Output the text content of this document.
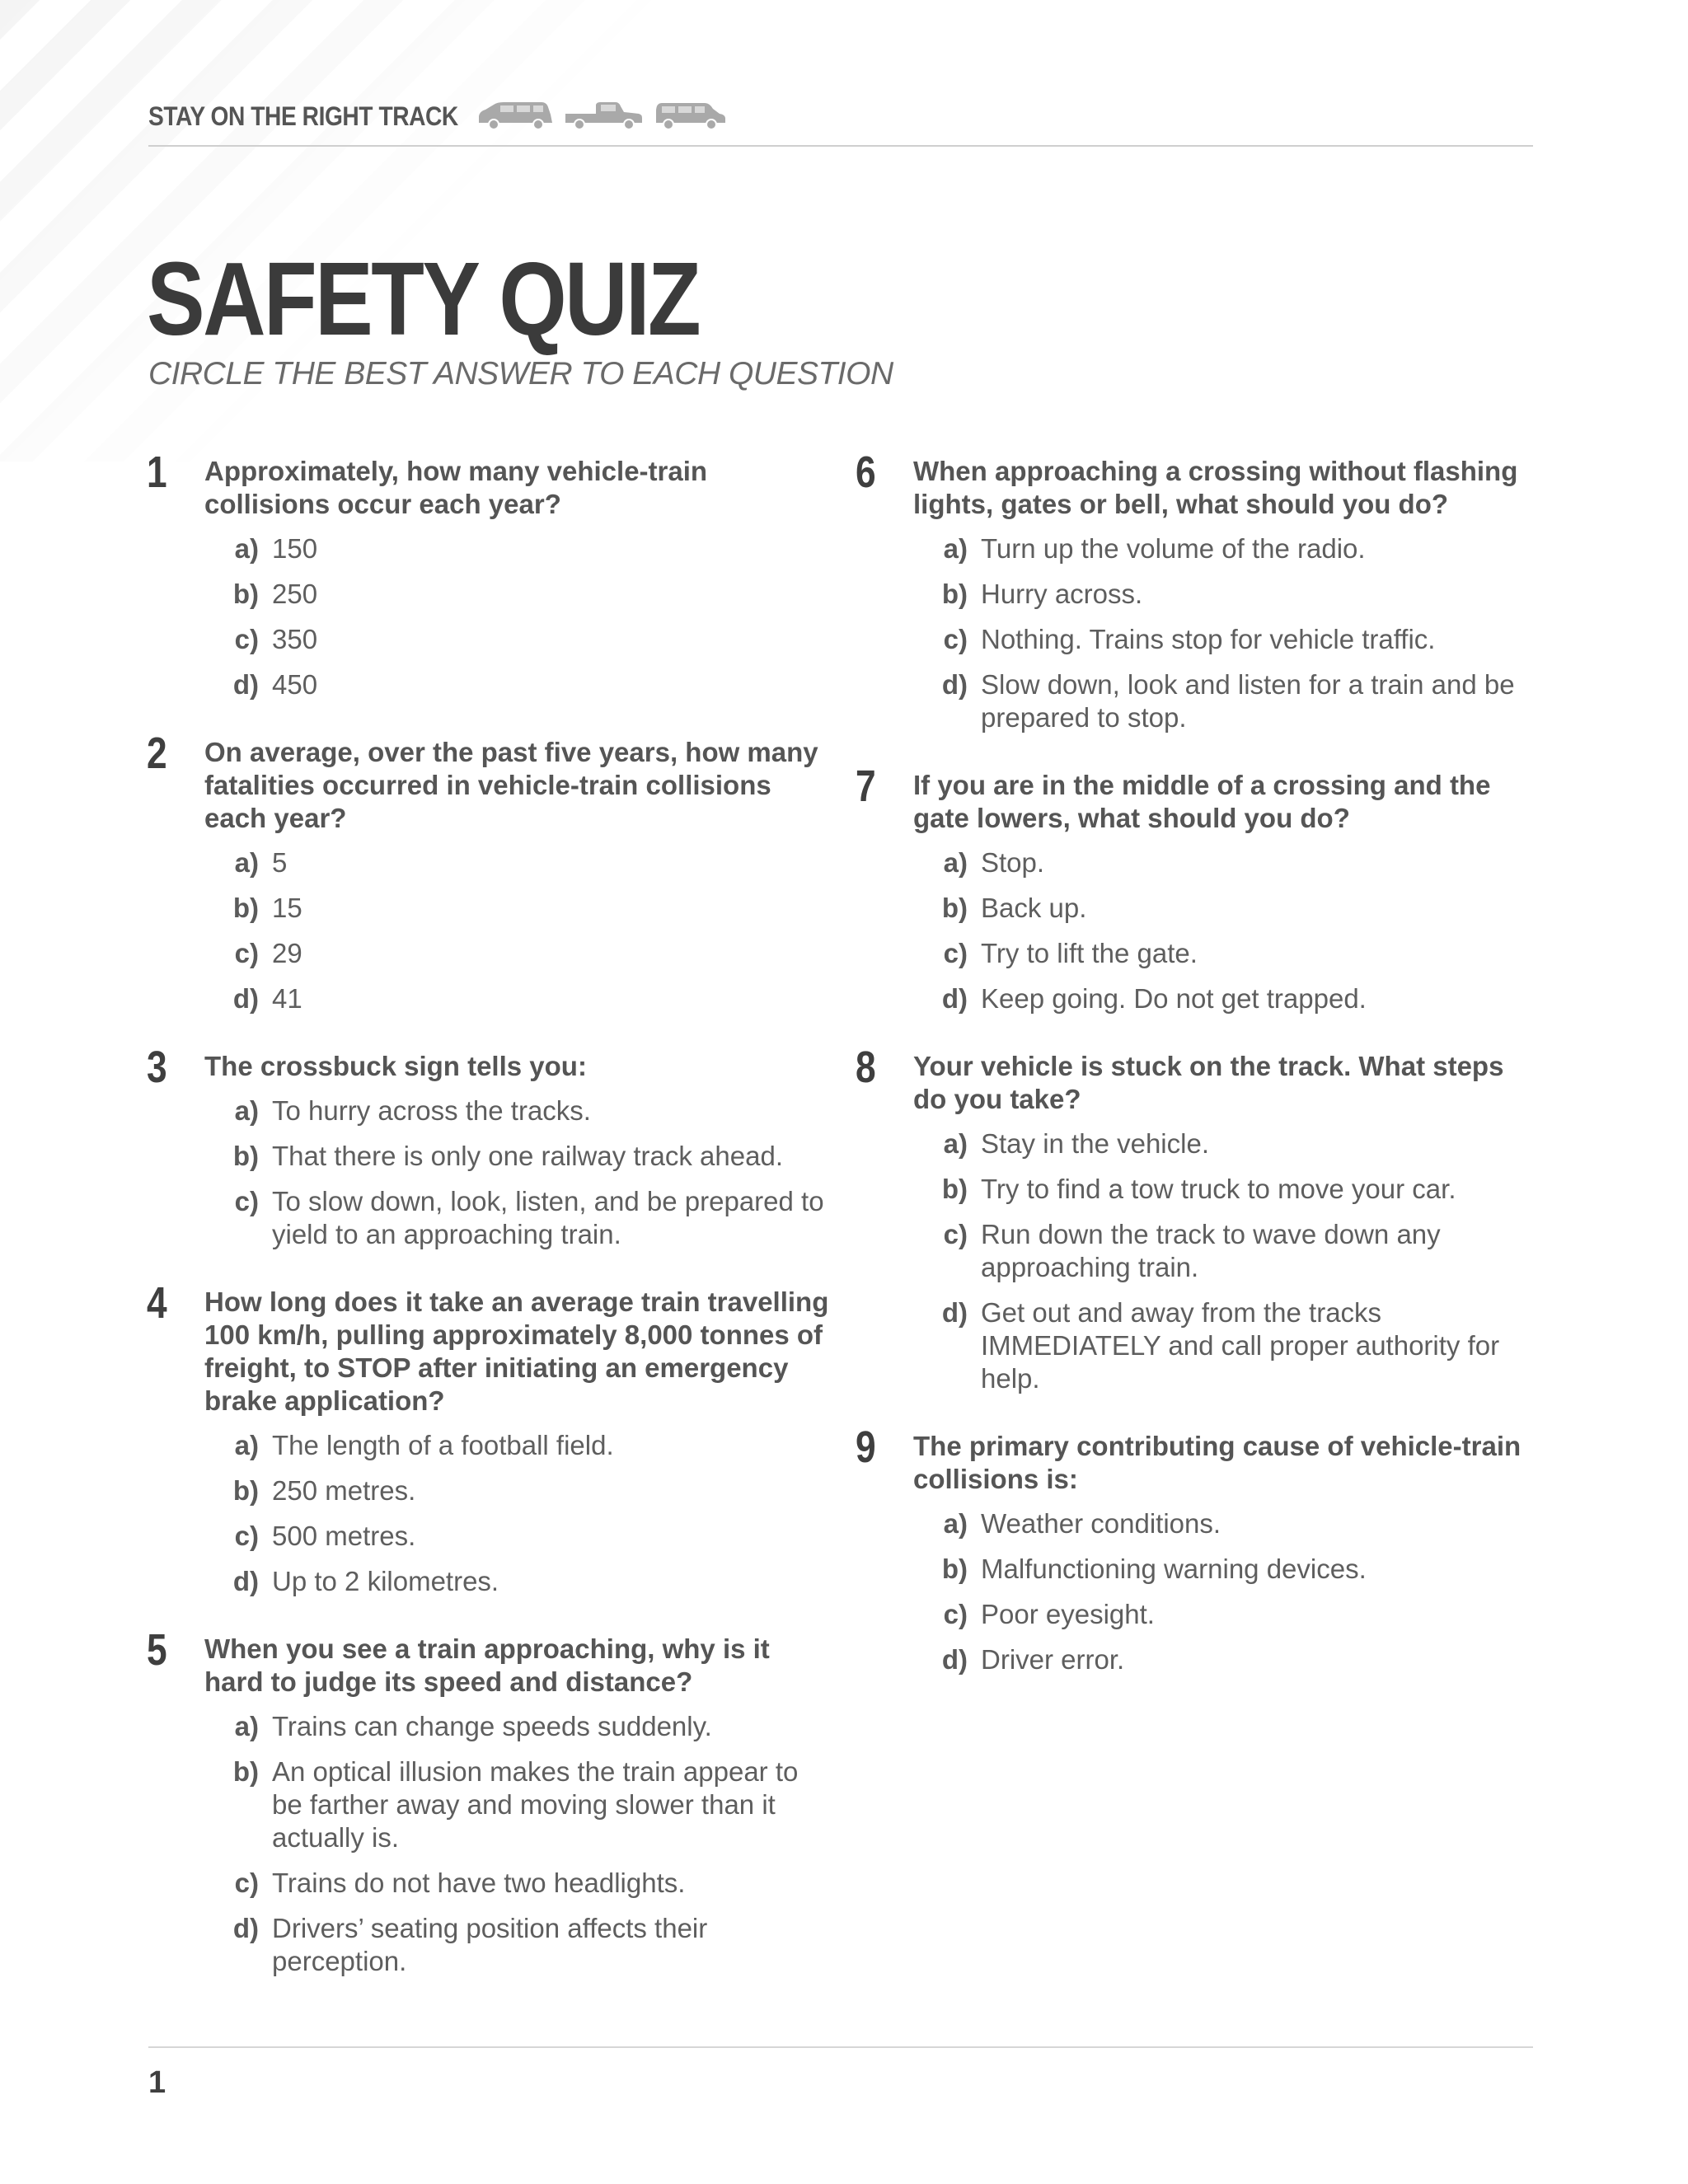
STAY ON THE RIGHT TRACK
SAFETY QUIZ
CIRCLE THE BEST ANSWER TO EACH QUESTION
1 Approximately, how many vehicle-train collisions occur each year?
a) 150
b) 250
c) 350
d) 450
2 On average, over the past five years, how many fatalities occurred in vehicle-train collisions each year?
a) 5
b) 15
c) 29
d) 41
3 The crossbuck sign tells you:
a) To hurry across the tracks.
b) That there is only one railway track ahead.
c) To slow down, look, listen, and be prepared to yield to an approaching train.
4 How long does it take an average train travelling 100 km/h, pulling approximately 8,000 tonnes of freight, to STOP after initiating an emergency brake application?
a) The length of a football field.
b) 250 metres.
c) 500 metres.
d) Up to 2 kilometres.
5 When you see a train approaching, why is it hard to judge its speed and distance?
a) Trains can change speeds suddenly.
b) An optical illusion makes the train appear to be farther away and moving slower than it actually is.
c) Trains do not have two headlights.
d) Drivers’ seating position affects their perception.
6 When approaching a crossing without flashing lights, gates or bell, what should you do?
a) Turn up the volume of the radio.
b) Hurry across.
c) Nothing. Trains stop for vehicle traffic.
d) Slow down, look and listen for a train and be prepared to stop.
7 If you are in the middle of a crossing and the gate lowers, what should you do?
a) Stop.
b) Back up.
c) Try to lift the gate.
d) Keep going. Do not get trapped.
8 Your vehicle is stuck on the track. What steps do you take?
a) Stay in the vehicle.
b) Try to find a tow truck to move your car.
c) Run down the track to wave down any approaching train.
d) Get out and away from the tracks IMMEDIATELY and call proper authority for help.
9 The primary contributing cause of vehicle-train collisions is:
a) Weather conditions.
b) Malfunctioning warning devices.
c) Poor eyesight.
d) Driver error.
1
